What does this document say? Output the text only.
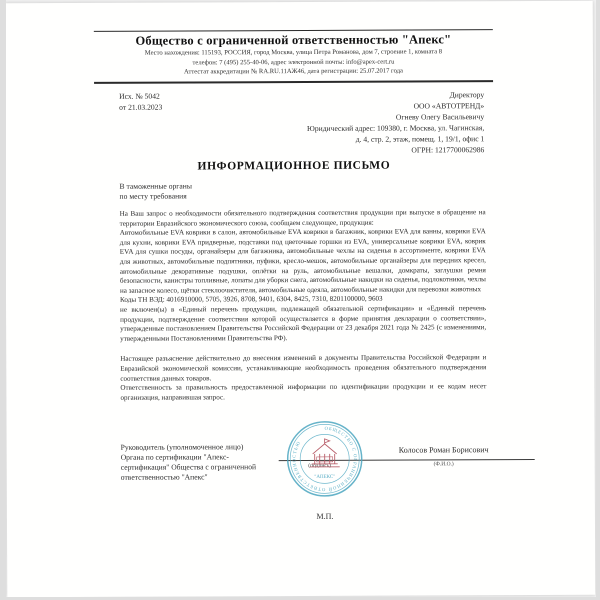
Общество с ограниченной ответственностью "Апекс"
Место нахождения: 115193, РОССИЯ, город Москва, улица Петра Романова, дом 7, строение 1, комната 8
телефон: 7 (495) 255-40-06, адрес электронной почты: info@apex-cert.ru
Аттестат аккредитации № RA.RU.11АЖ46, дата регистрации: 25.07.2017 года
Исх. № 5042
от 21.03.2023
Директору
ООО «АВТОТРЕНД»
Огневу Олегу Васильевичу
Юридический адрес: 109380, г. Москва, ул. Чагинская,
д. 4, стр. 2, этаж, помещ. 1, 19/1, офис 1
ОГРН: 1217700062986
ИНФОРМАЦИОННОЕ ПИСЬМО
В таможенные органы
по месту требования

На Ваш запрос о необходимости обязательного подтверждения соответствия продукции при выпуске в обращение на территории Евразийского экономического союза, сообщаем следующее, продукция:

Автомобильные EVA коврики в салон, автомобильные EVA коврики в багажник, коврики EVA для ванны, коврики EVA для кухни, коврики EVA придверные, подставки под цветочные горшки из EVA, универсальные коврики EVA, коврик EVA для сушки посуды, органайзеры для багажника, автомобильные чехлы на сиденья в ассортименте, коврики EVA для животных, автомобильные подпятники, пуфики, кресло-мешок, автомобильные органайзеры для передних кресел, автомобильные декоративные подушки, оплётки на руль, автомобильные вешалки, домкраты, заглушки ремня безопасности, канистры топливные, лопаты для уборки снега, автомобильные накидки на сиденья, подлокотники, чехлы на запасное колесо, щётки стеклоочистителя, автомобильные одеяла, автомобильные накидки для перевозки животных

Коды ТН ВЭД: 4016910000, 5705, 3926, 8708, 9401, 6304, 8425, 7310, 8201100000, 9603

не включен(ы) в «Единый перечень продукции, подлежащей обязательной сертификации» и «Единый перечень продукции, подтверждение соответствия которой осуществляется в форме принятия декларации о соответствии», утвержденные постановлением Правительства Российской Федерации от 23 декабря 2021 года № 2425 (с изменениями, утвержденными Постановлениями Правительства РФ).

Настоящее разъяснение действительно до внесения изменений в документы Правительства Российской Федерации и Евразийской экономической комиссии, устанавливающие необходимость проведения обязательного подтверждения соответствия данных товаров.

Ответственность за правильность предоставленной информации по идентификации продукции и ее кодам несет организация, направившая запрос.

Руководитель (уполномоченное лицо)
Органа по сертификации "Апекс-
сертификация" Общества с ограниченной
ответственностью "Апекс"
(подпись)
Колосов Роман Борисович
(Ф.И.О.)
ОБЩЕСТВО С ОГРАНИЧЕННОЙ ОТВЕТСТВЕННОСТЬЮ
"АПЕКС"
М.П.
